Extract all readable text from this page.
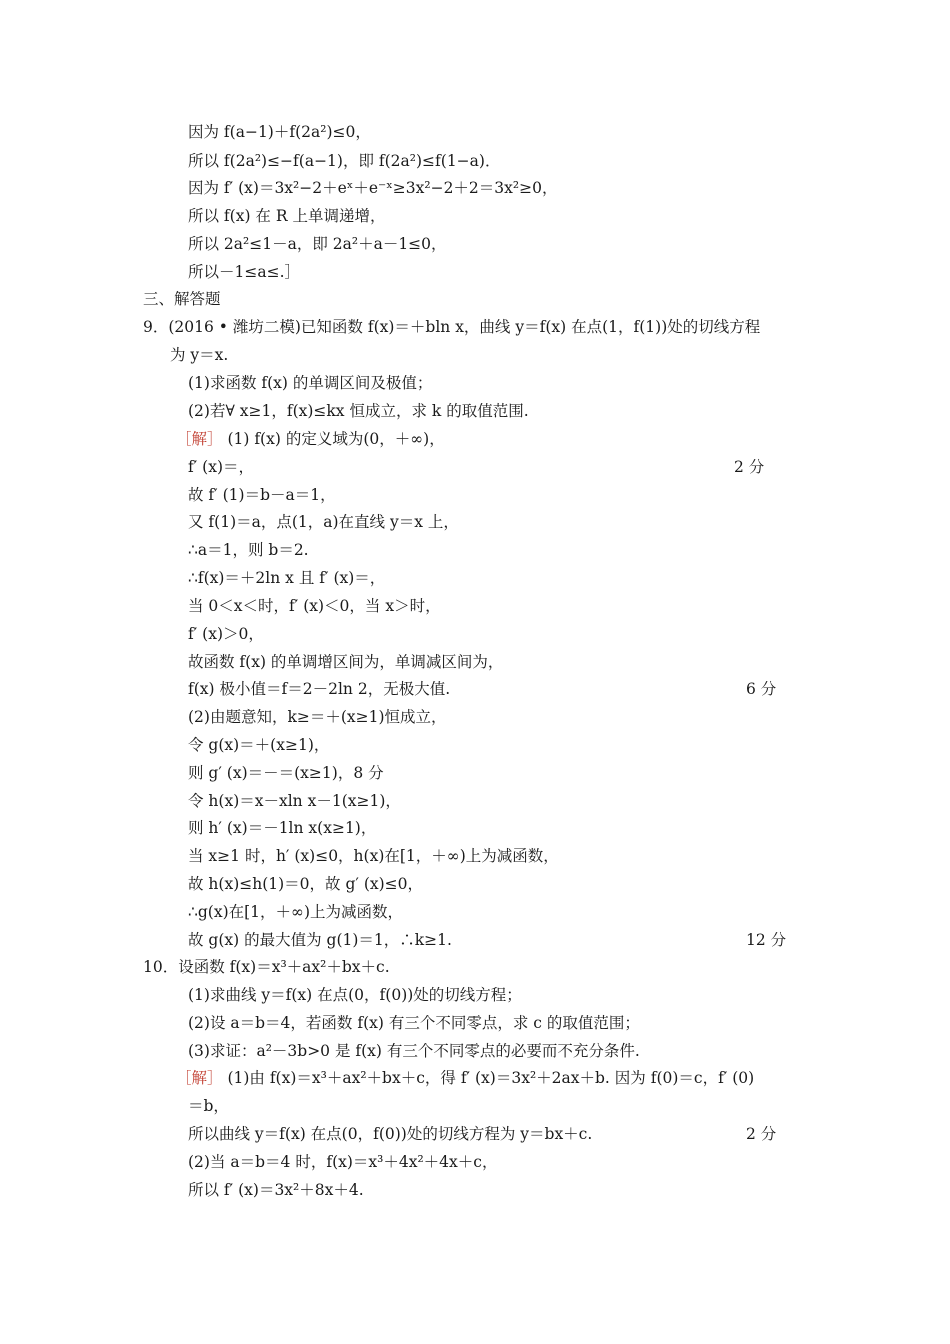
因为 f(a−1)＋f(2a²)≤0，
所以 f(2a²)≤−f(a−1)，即 f(2a²)≤f(1−a)．
因为 f′ (x)＝3x²−2＋eˣ＋e⁻ˣ≥3x²−2＋2＝3x²≥0，
所以 f(x) 在 R 上单调递增，
所以 2a²≤1－a，即 2a²＋a－1≤0，
所以－1≤a≤.］
三、解答题
9．(2016 • 潍坊二模)已知函数 f(x)＝＋bln x，曲线 y＝f(x) 在点(1，f(1))处的切线方程
为 y＝x.
(1)求函数 f(x) 的单调区间及极值；
(2)若∀ x≥1，f(x)≤kx 恒成立，求 k 的取值范围.
［解］ (1) f(x) 的定义域为(0，＋∞)，
f′ (x)＝，	2 分
故 f′ (1)＝b－a＝1，
又 f(1)＝a，点(1，a)在直线 y＝x 上，
∴a＝1，则 b＝2.
∴f(x)＝＋2ln x 且 f′ (x)＝，
当 0＜x＜时，f′ (x)＜0，当 x＞时，
f′ (x)＞0，
故函数 f(x) 的单调增区间为，单调减区间为，
f(x) 极小值＝f＝2－2ln 2，无极大值.	6 分
(2)由题意知，k≥＝＋(x≥1)恒成立，
令 g(x)＝＋(x≥1)，
则 g′ (x)＝－＝(x≥1)，8 分
令 h(x)＝x－xln x－1(x≥1)，
则 h′ (x)＝－1ln x(x≥1)，
当 x≥1 时，h′ (x)≤0，h(x)在[1，＋∞)上为减函数，
故 h(x)≤h(1)＝0，故 g′ (x)≤0，
∴g(x)在[1，＋∞)上为减函数，
故 g(x) 的最大值为 g(1)＝1，∴k≥1.	12 分
10．设函数 f(x)＝x³＋ax²＋bx＋c.
(1)求曲线 y＝f(x) 在点(0，f(0))处的切线方程；
(2)设 a＝b＝4，若函数 f(x) 有三个不同零点，求 c 的取值范围；
(3)求证：a²－3b>0 是 f(x) 有三个不同零点的必要而不充分条件.
［解］ (1)由 f(x)＝x³＋ax²＋bx＋c，得 f′ (x)＝3x²＋2ax＋b. 因为 f(0)＝c，f′ (0)
＝b，
所以曲线 y＝f(x) 在点(0，f(0))处的切线方程为 y＝bx＋c.	2 分
(2)当 a＝b＝4 时，f(x)＝x³＋4x²＋4x＋c，
所以 f′ (x)＝3x²＋8x＋4.
